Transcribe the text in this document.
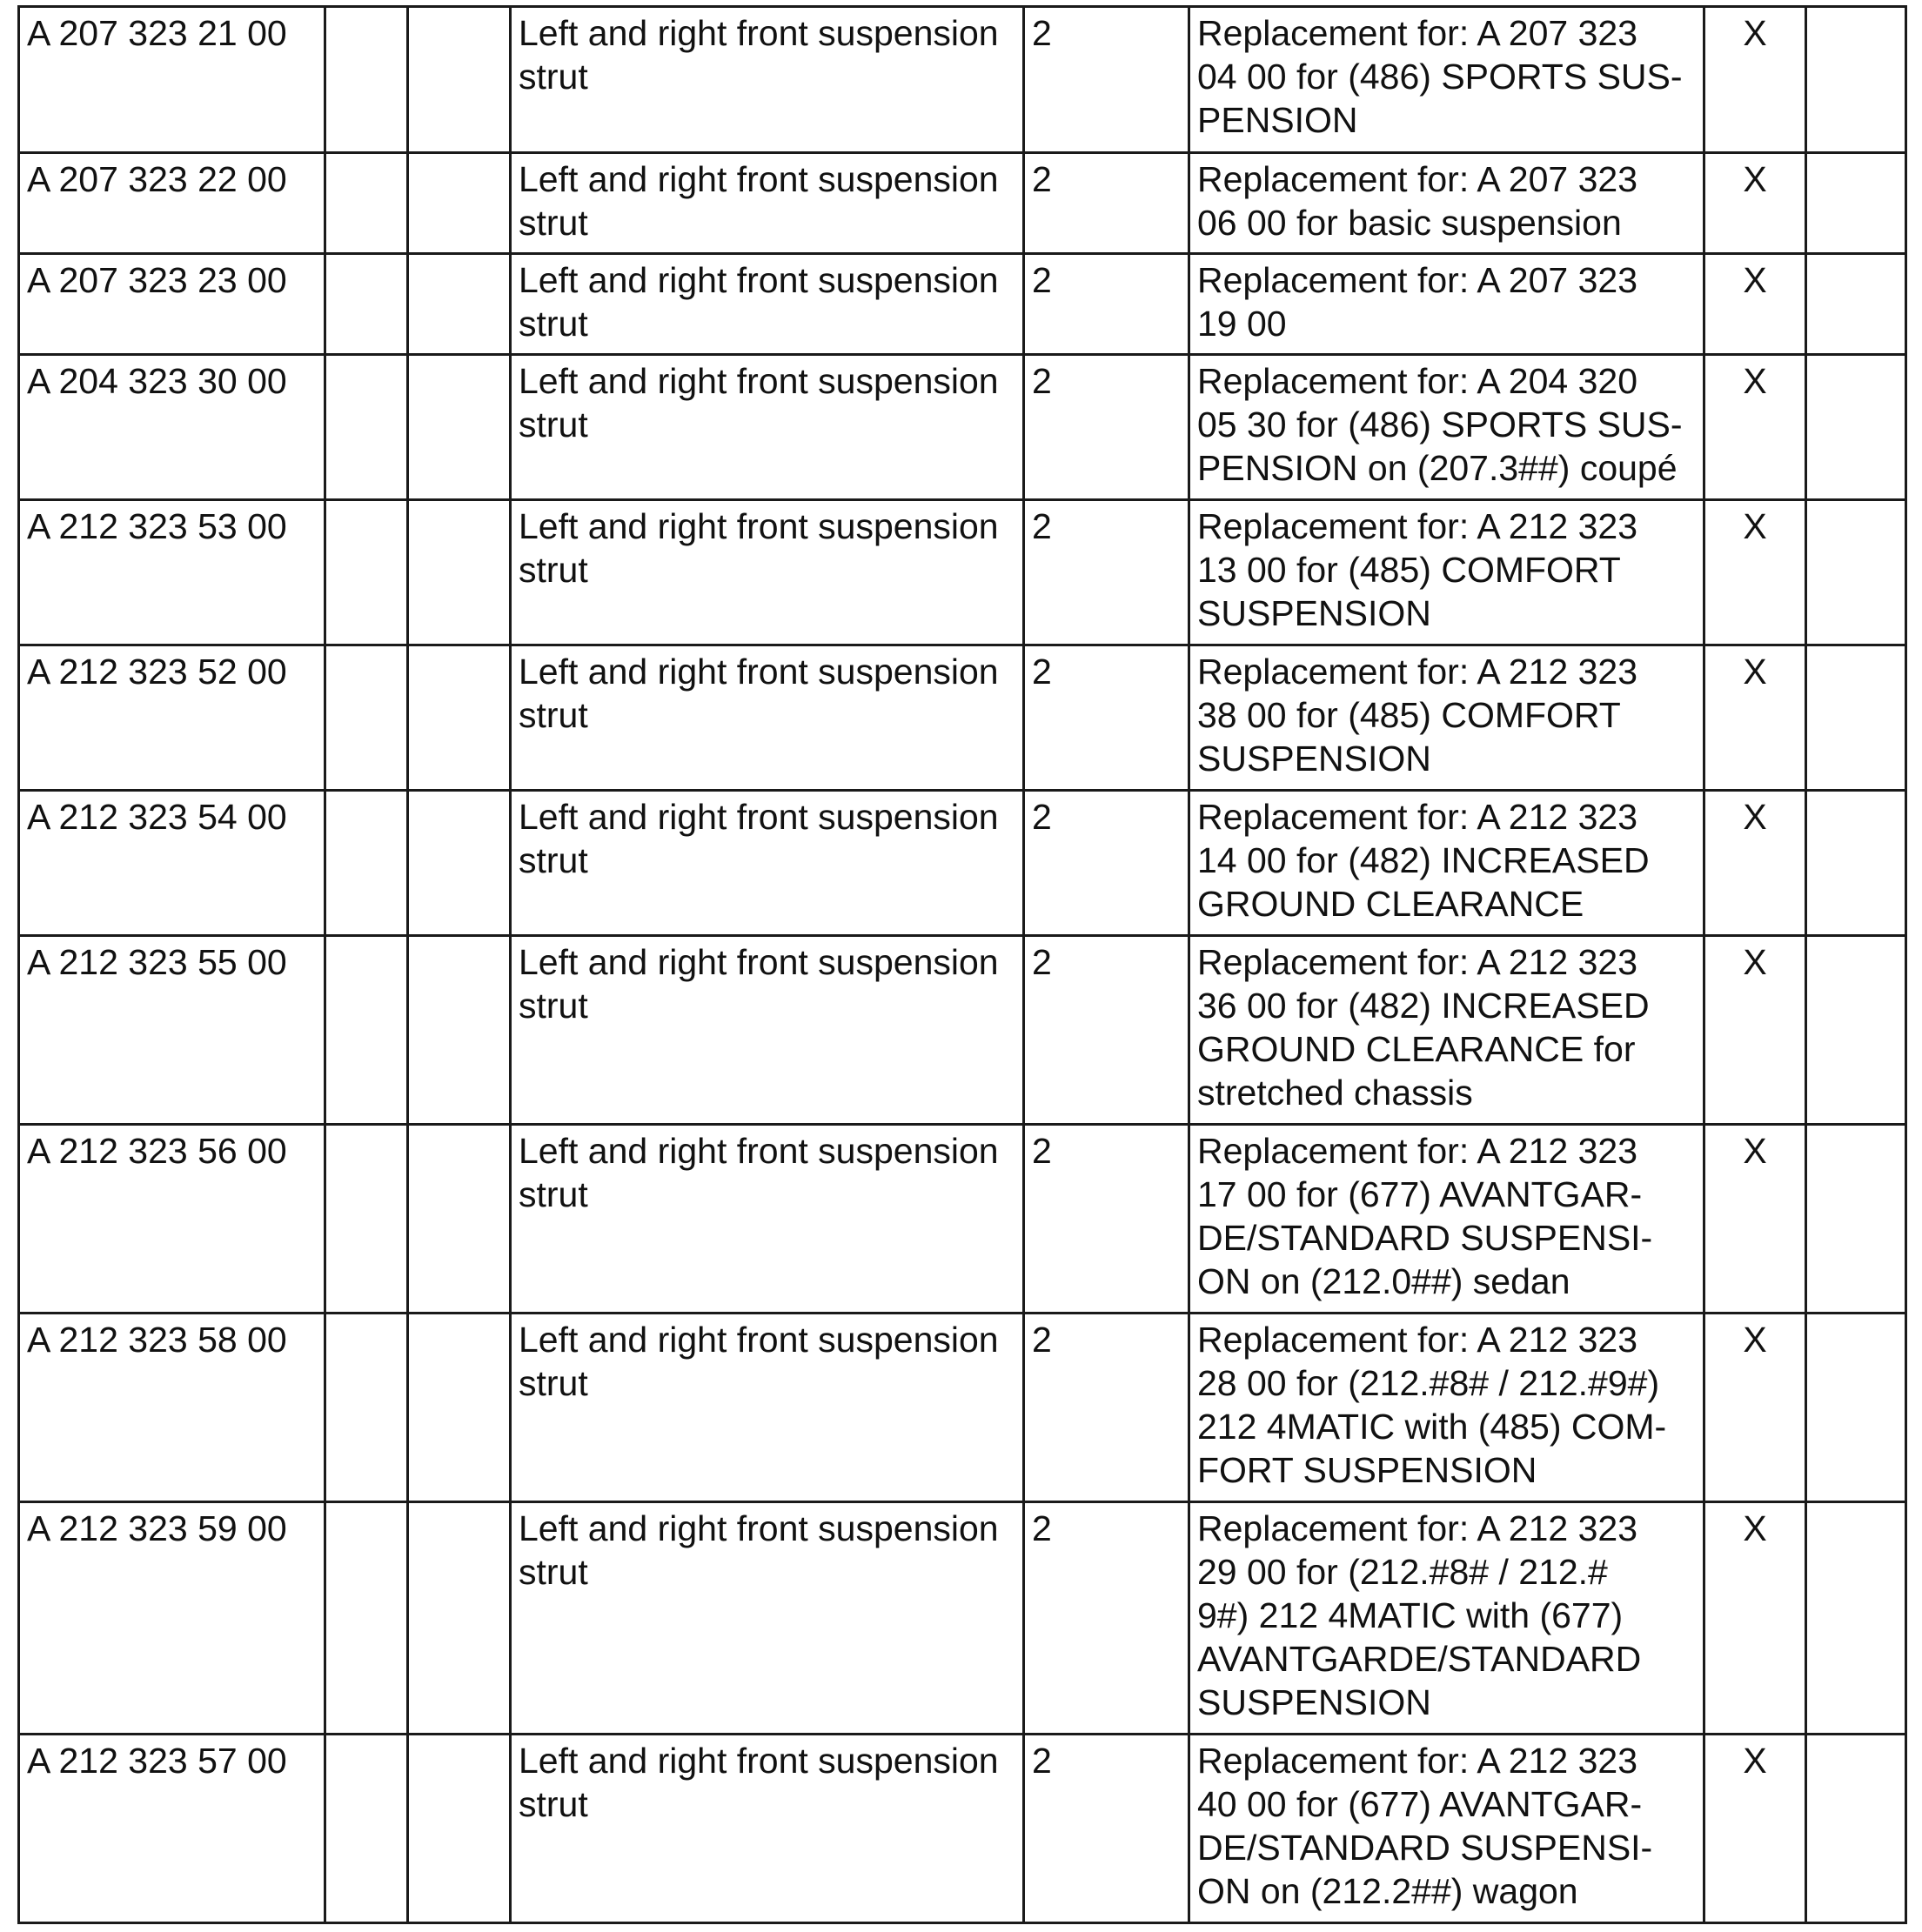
A 207 323 21 00			Left and right front suspension
strut	2	Replacement for: A 207 323
04 00 for (486) SPORTS SUS-
PENSION	X	
A 207 323 22 00			Left and right front suspension
strut	2	Replacement for: A 207 323
06 00 for basic suspension	X	
A 207 323 23 00			Left and right front suspension
strut	2	Replacement for: A 207 323
19 00	X	
A 204 323 30 00			Left and right front suspension
strut	2	Replacement for: A 204 320
05 30 for (486) SPORTS SUS-
PENSION on (207.3##) coupé	X	
A 212 323 53 00			Left and right front suspension
strut	2	Replacement for: A 212 323
13 00 for (485) COMFORT
SUSPENSION	X	
A 212 323 52 00			Left and right front suspension
strut	2	Replacement for: A 212 323
38 00 for (485) COMFORT
SUSPENSION	X	
A 212 323 54 00			Left and right front suspension
strut	2	Replacement for: A 212 323
14 00 for (482) INCREASED
GROUND CLEARANCE	X	
A 212 323 55 00			Left and right front suspension
strut	2	Replacement for: A 212 323
36 00 for (482) INCREASED
GROUND CLEARANCE for
stretched chassis	X	
A 212 323 56 00			Left and right front suspension
strut	2	Replacement for: A 212 323
17 00 for (677) AVANTGAR-
DE/STANDARD SUSPENSI-
ON on (212.0##) sedan	X	
A 212 323 58 00			Left and right front suspension
strut	2	Replacement for: A 212 323
28 00 for (212.#8# / 212.#9#)
212 4MATIC with (485) COM-
FORT SUSPENSION	X	
A 212 323 59 00			Left and right front suspension
strut	2	Replacement for: A 212 323
29 00 for (212.#8# / 212.#
9#) 212 4MATIC with (677)
AVANTGARDE/STANDARD
SUSPENSION	X	
A 212 323 57 00			Left and right front suspension
strut	2	Replacement for: A 212 323
40 00 for (677) AVANTGAR-
DE/STANDARD SUSPENSI-
ON on (212.2##) wagon	X	
